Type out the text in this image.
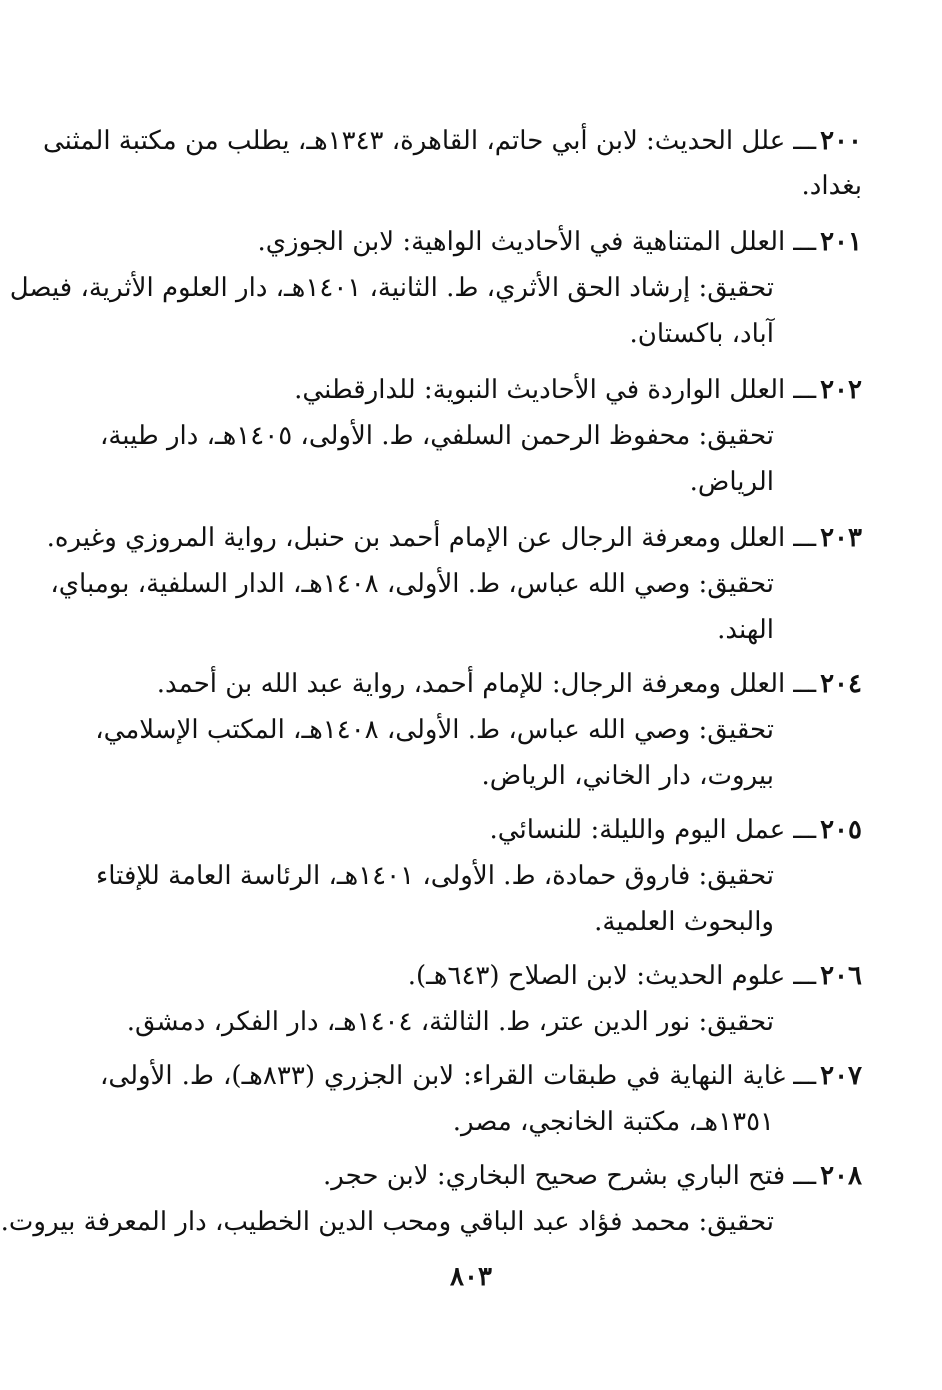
٢٠٠ـــعلل الحديث: لابن أبي حاتم، القاهرة، ١٣٤٣هـ، يطلب من مكتبة المثنى
بغداد.
٢٠١ـــالعلل المتناهية في الأحاديث الواهية: لابن الجوزي.
تحقيق: إرشاد الحق الأثري، ط. الثانية، ١٤٠١هـ، دار العلوم الأثرية، فيصل
آباد، باكستان.
٢٠٢ـــالعلل الواردة في الأحاديث النبوية: للدارقطني.
تحقيق: محفوظ الرحمن السلفي، ط. الأولى، ١٤٠٥هـ، دار طيبة،
الرياض.
٢٠٣ـــالعلل ومعرفة الرجال عن الإمام أحمد بن حنبل، رواية المروزي وغيره.
تحقيق: وصي الله عباس، ط. الأولى، ١٤٠٨هـ، الدار السلفية، بومباي،
الهند.
٢٠٤ـــالعلل ومعرفة الرجال: للإمام أحمد، رواية عبد الله بن أحمد.
تحقيق: وصي الله عباس، ط. الأولى، ١٤٠٨هـ، المكتب الإسلامي،
بيروت، دار الخاني، الرياض.
٢٠٥ـــعمل اليوم والليلة: للنسائي.
تحقيق: فاروق حمادة، ط. الأولى، ١٤٠١هـ، الرئاسة العامة للإفتاء
والبحوث العلمية.
٢٠٦ـــعلوم الحديث: لابن الصلاح (٦٤٣هـ).
تحقيق: نور الدين عتر، ط. الثالثة، ١٤٠٤هـ، دار الفكر، دمشق.
٢٠٧ـــغاية النهاية في طبقات القراء: لابن الجزري (٨٣٣هـ)، ط. الأولى،
١٣٥١هـ، مكتبة الخانجي، مصر.
٢٠٨ـــفتح الباري بشرح صحيح البخاري: لابن حجر.
تحقيق: محمد فؤاد عبد الباقي ومحب الدين الخطيب، دار المعرفة بيروت.
٨٠٣
